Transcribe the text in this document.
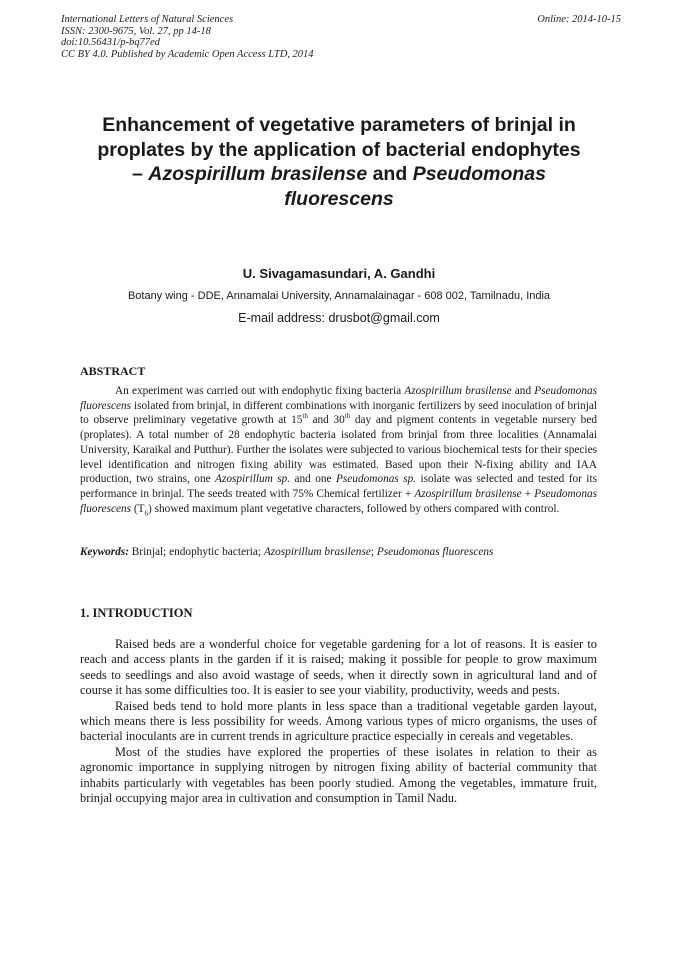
International Letters of Natural Sciences
ISSN: 2300-9675, Vol. 27, pp 14-18
doi:10.56431/p-bq77ed
CC BY 4.0. Published by Academic Open Access LTD, 2014
Online: 2014-10-15
Enhancement of vegetative parameters of brinjal in
proplates by the application of bacterial endophytes
– Azospirillum brasilense and Pseudomonas
fluorescens
U. Sivagamasundari, A. Gandhi
Botany wing - DDE, Annamalai University, Annamalainagar - 608 002, Tamilnadu, India
E-mail address: drusbot@gmail.com
ABSTRACT

An experiment was carried out with endophytic fixing bacteria Azospirillum brasilense and Pseudomonas fluorescens isolated from brinjal, in different combinations with inorganic fertilizers by seed inoculation of brinjal to observe preliminary vegetative growth at 15th and 30th day and pigment contents in vegetable nursery bed (proplates). A total number of 28 endophytic bacteria isolated from brinjal from three localities (Annamalai University, Karaikal and Putthur). Further the isolates were subjected to various biochemical tests for their species level identification and nitrogen fixing ability was estimated. Based upon their N-fixing ability and IAA production, two strains, one Azospirillum sp. and one Pseudomonas sp. isolate was selected and tested for its performance in brinjal. The seeds treated with 75% Chemical fertilizer + Azospirillum brasilense + Pseudomonas fluorescens $(T_6)$ showed maximum plant vegetative characters, followed by others compared with control.

Keywords: Brinjal; endophytic bacteria; Azospirillum brasilense; Pseudomonas fluorescens
1. INTRODUCTION

Raised beds are a wonderful choice for vegetable gardening for a lot of reasons. It is easier to reach and access plants in the garden if it is raised; making it possible for people to grow maximum seeds to seedlings and also avoid wastage of seeds, when it directly sown in agricultural land and of course it has some difficulties too. It is easier to see your viability, productivity, weeds and pests.

Raised beds tend to hold more plants in less space than a traditional vegetable garden layout, which means there is less possibility for weeds. Among various types of micro organisms, the uses of bacterial inoculants are in current trends in agriculture practice especially in cereals and vegetables.

Most of the studies have explored the properties of these isolates in relation to their as agronomic importance in supplying nitrogen by nitrogen fixing ability of bacterial community that inhabits particularly with vegetables has been poorly studied. Among the vegetables, immature fruit, brinjal occupying major area in cultivation and consumption in Tamil Nadu.
